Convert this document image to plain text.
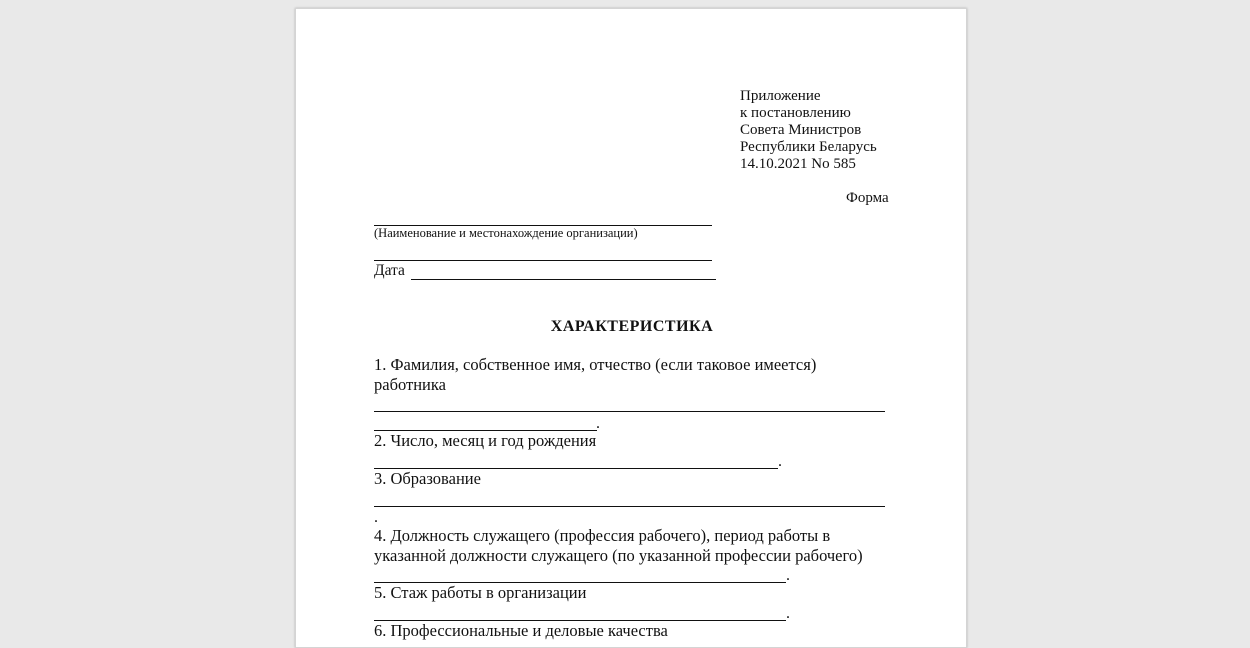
Приложение
к постановлению
Совета Министров
Республики Беларусь
14.10.2021 No 585
Форма
(Наименование и местонахождение организации)
Дата
ХАРАКТЕРИСТИКА
1. Фамилия, собственное имя, отчество (если таковое имеется)
работника
.
2. Число, месяц и год рождения
.
3. Образование
.
4. Должность служащего (профессия рабочего), период работы в
указанной должности служащего (по указанной профессии рабочего)
.
5. Стаж работы в организации
.
6. Профессиональные и деловые качества
